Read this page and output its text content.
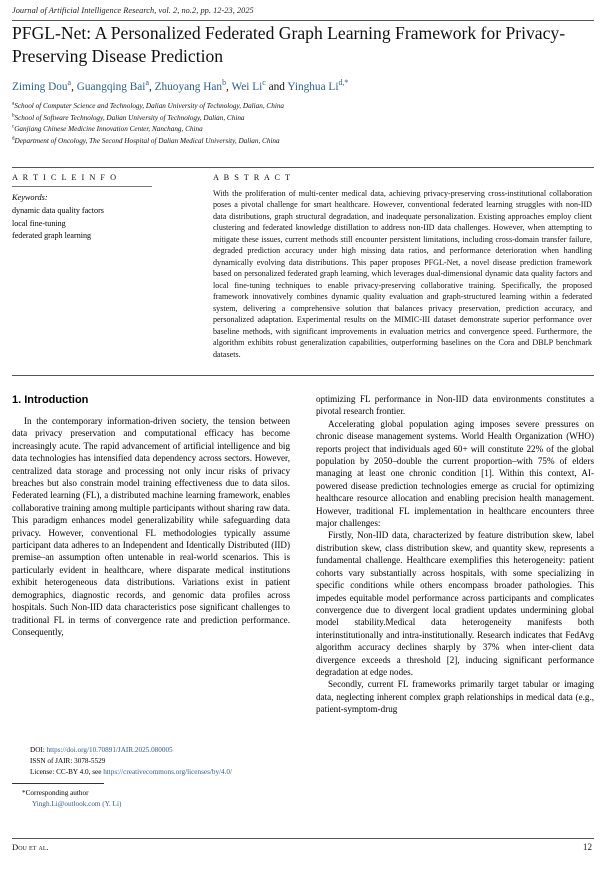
Journal of Artificial Intelligence Research, vol. 2, no.2, pp. 12-23, 2025
PFGL-Net: A Personalized Federated Graph Learning Framework for Privacy-Preserving Disease Prediction
Ziming Dou$^a$, Guangqing Bai$^a$, Zhuoyang Han$^b$, Wei Li$^c$ and Yinghua $Li^{d,*}$
$^a$School of Computer Science and Technology, Dalian University of Technology, Dalian, China
$^b$School of Software Technology, Dalian University of Technology, Dalian, China
$^c$Ganjiang Chinese Medicine Innovation Center, Nanchang, China
$^d$Department of Oncology, The Second Hospital of Dalian Medical University, Dalian, China
A R T I C L E I N F O
Keywords:
dynamic data quality factors
local fine-tuning
federated graph learning
A B S T R A C T
With the proliferation of multi-center medical data, achieving privacy-preserving cross-institutional collaboration poses a pivotal challenge for smart healthcare. However, conventional federated learning struggles with non-IID data distributions, graph structural degradation, and inadequate personalization. Existing approaches employ client clustering and federated knowledge distillation to address non-IID data challenges. However, when attempting to mitigate these issues, current methods still encounter persistent limitations, including cross-domain transfer failure, degraded prediction accuracy under high missing data ratios, and performance deterioration when handling dynamically evolving data distributions. This paper proposes PFGL-Net, a novel disease prediction framework based on personalized federated graph learning, which leverages dual-dimensional dynamic data quality factors and local fine-tuning techniques to enable privacy-preserving collaborative training. Specifically, the proposed framework innovatively combines dynamic quality evaluation and graph-structured learning within a federated system, delivering a comprehensive solution that balances privacy preservation, prediction accuracy, and personalized adaptation. Experimental results on the MIMIC-III dataset demonstrate superior performance over baseline methods, with significant improvements in evaluation metrics and convergence speed. Furthermore, the algorithm exhibits robust generalization capabilities, outperforming baselines on the Cora and DBLP benchmark datasets.
1. Introduction

In the contemporary information-driven society, the tension between data privacy preservation and computational efficacy has become increasingly acute. The rapid advancement of artificial intelligence and big data technologies has intensified data dependency across sectors. However, centralized data storage and processing not only incur risks of privacy breaches but also constrain model training effectiveness due to data silos. Federated learning (FL), a distributed machine learning framework, enables collaborative training among multiple participants without sharing raw data. This paradigm enhances model generalizability while safeguarding data privacy. However, conventional FL methodologies typically assume participant data adheres to an Independent and Identically Distributed (IID) premise–an assumption often untenable in real-world scenarios. This is particularly evident in healthcare, where disparate medical institutions exhibit heterogeneous data distributions. Variations exist in patient demographics, diagnostic records, and genomic data profiles across hospitals. Such Non-IID data characteristics pose significant challenges to traditional FL in terms of convergence rate and prediction performance. Consequently,

optimizing FL performance in Non-IID data environments constitutes a pivotal research frontier.

Accelerating global population aging imposes severe pressures on chronic disease management systems. World Health Organization (WHO) reports project that individuals aged 60+ will constitute 22% of the global population by 2050–double the current proportion–with 75% of elders managing at least one chronic condition [1]. Within this context, AI-powered disease prediction technologies emerge as crucial for optimizing healthcare resource allocation and enabling precision health management. However, traditional FL implementation in healthcare encounters three major challenges:

Firstly, Non-IID data, characterized by feature distribution skew, label distribution skew, class distribution skew, and quantity skew, represents a fundamental challenge. Healthcare exemplifies this heterogeneity: patient cohorts vary substantially across hospitals, with some specializing in specific conditions while others encompass broader pathologies. This impedes equitable model performance across participants and complicates convergence due to divergent local gradient updates undermining global model stability.Medical data heterogeneity manifests both interinstitutionally and intra-institutionally. Research indicates that FedAvg algorithm accuracy declines sharply by 37% when inter-client data divergence exceeds a threshold [2], inducing significant performance degradation at edge nodes.

Secondly, current FL frameworks primarily target tabular or imaging data, neglecting inherent complex graph relationships in medical data (e.g., patient-symptom-drug

DOI: https://doi.org/10.70891/JAIR.2025.080005
ISSN of JAIR: 3078-5529
License: CC-BY 4.0, see https://creativecommons.org/licenses/by/4.0/
*Corresponding author
Yingh.Li@outlook.com (Y. Li)
Dou et al.	12
